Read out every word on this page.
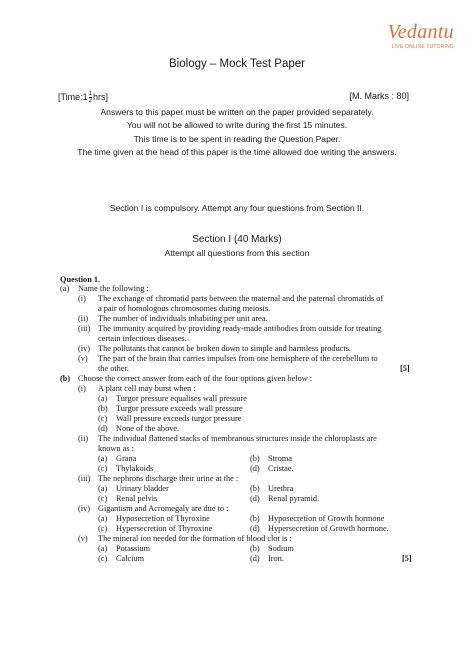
Vedantu
LIVE ONLINE TUTORING
Biology – Mock Test Paper
[Time:1 $\frac{1}{2} hrs$]	[M. Marks : 80]
Answers to this paper must be written on the paper provided separately.
You will not be allowed to write during the first 15 minutes.
This time is to be spent in reading the Question Paper.
The time given at the head of this paper is the time allowed doe writing the answers.
Section I is compulsory. Attempt any four questions from Section II.
Section I (40 Marks)
Attempt all questions from this section
Question 1.
(a) Name the following :
(i) The exchange of chromatid parts between the maternal and the paternal chromatids of
a pair of homologous chromosomes during meiosis.
(ii) The number of individuals inhabiting per unit area.
(iii) The immunity acquired by providing ready-made antibodies from outside for treating
certain infectious diseases.
(iv) The pollutants that cannot be broken down to simple and harmless products.
(v) The part of the brain that carries impulses from one hemisphere of the cerebellum to
the other.	[5]
(b) Choose the correct answer from each of the four options given below :
(i) A plant cell may burst when :
(a) Turgor pressure equalises wall pressure
(b) Turgor pressure exceeds wall pressure
(c) Wall pressure exceeds turgor pressure
(d) None of the above.
(ii) The individual flattened stacks of membranous structures inside the chloroplasts are
known as :
(a) Grana	(b) Stroma
(c) Thylakoids	(d) Cristae.
(iii) The nephrons discharge their urine at the :
(a) Urinary bladder	(b) Urethra
(c) Renal pelvis	(d) Renal pyramid.
(iv) Gigantism and Acromegaly are due to :
(a) Hyposecretion of Thyroxine	(b) Hyposecretion of Growth hormone
(c) Hypersecretion of Thyroxine	(d) Hypersecretion of Growth hormone.
(v) The mineral ion needed for the formation of blood clot is :
(a) Potassium	(b) Sodium
(c) Calcium	(d) Iron.	[5]
